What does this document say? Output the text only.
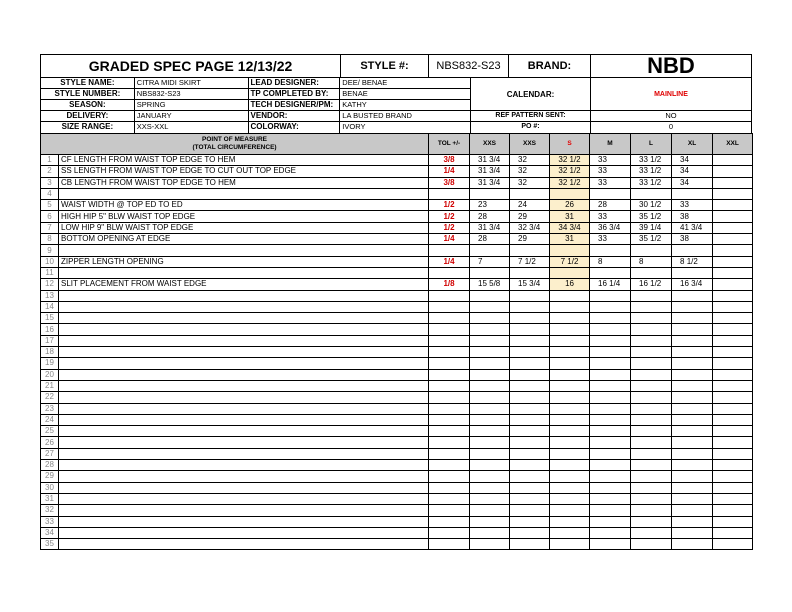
GRADED SPEC PAGE 12/13/22	STYLE #:	NBS832-S23	BRAND:	NBD
STYLE NAME:	CITRA MIDI SKIRT	LEAD DESIGNER:	DEE/ BENAE
STYLE NUMBER:	NBS832-S23	TP COMPLETED BY:	BENAE
SEASON:	SPRING	TECH DESIGNER/PM:	KATHY
DELIVERY:	JANUARY	VENDOR:	LA BUSTED BRAND
SIZE RANGE:	XXS-XXL	COLORWAY:	IVORY
CALENDAR:	MAINLINE
REF PATTERN SENT:	NO
PO #:	0
POINT OF MEASURE
(TOTAL CIRCUMFERENCE)		TOL +/-	XXS	XXS	S	M	L	XL	XXL
1	CF LENGTH FROM WAIST TOP EDGE TO HEM	3/8	31 3/4	32	32 1/2	33	33 1/2	34	
2	SS LENGTH FROM WAIST TOP EDGE TO CUT OUT TOP EDGE	1/4	31 3/4	32	32 1/2	33	33 1/2	34	
3	CB LENGTH FROM WAIST TOP EDGE TO HEM	3/8	31 3/4	32	32 1/2	33	33 1/2	34	
4									
5	WAIST WIDTH @ TOP ED TO ED	1/2	23	24	26	28	30 1/2	33	
6	HIGH HIP 5" BLW WAIST TOP EDGE	1/2	28	29	31	33	35 1/2	38	
7	LOW HIP 9" BLW WAIST TOP EDGE	1/2	31 3/4	32 3/4	34 3/4	36 3/4	39 1/4	41 3/4	
8	BOTTOM OPENING AT EDGE	1/4	28	29	31	33	35 1/2	38	
9									
10	ZIPPER LENGTH OPENING	1/4	7	7 1/2	7 1/2	8	8	8 1/2	
11									
12	SLIT PLACEMENT FROM WAIST EDGE	1/8	15 5/8	15 3/4	16	16 1/4	16 1/2	16 3/4	
13									
14									
15									
16									
17									
18									
19									
20									
21									
22									
23									
24									
25									
26									
27									
28									
29									
30									
31									
32									
33									
34									
35									
